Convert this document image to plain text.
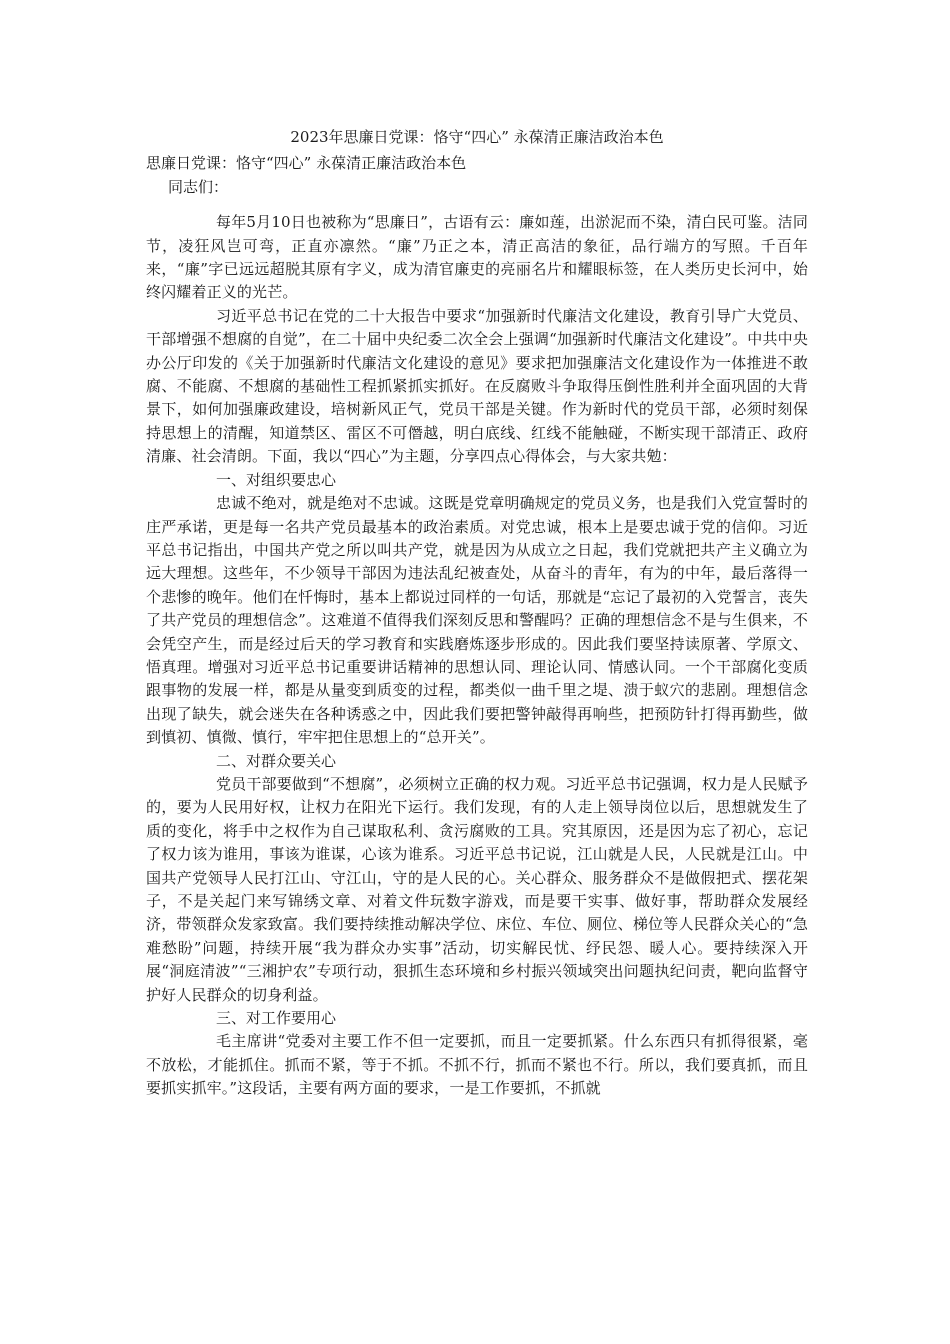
2023年思廉日党课：恪守“四心” 永葆清正廉洁政治本色
思廉日党课：恪守“四心” 永葆清正廉洁政治本色
同志们：

每年5月10日也被称为“思廉日”，古语有云：廉如莲，出淤泥而不染，清白民可鉴。洁同节，凌狂风岂可弯，正直亦凛然。“廉”乃正之本，清正高洁的象征，品行端方的写照。千百年来，“廉”字已远远超脱其原有字义，成为清官廉吏的亮丽名片和耀眼标签，在人类历史长河中，始终闪耀着正义的光芒。

习近平总书记在党的二十大报告中要求“加强新时代廉洁文化建设，教育引导广大党员、干部增强不想腐的自觉”，在二十届中央纪委二次全会上强调“加强新时代廉洁文化建设”。中共中央办公厅印发的《关于加强新时代廉洁文化建设的意见》要求把加强廉洁文化建设作为一体推进不敢腐、不能腐、不想腐的基础性工程抓紧抓实抓好。在反腐败斗争取得压倒性胜利并全面巩固的大背景下，如何加强廉政建设，培树新风正气，党员干部是关键。作为新时代的党员干部，必须时刻保持思想上的清醒，知道禁区、雷区不可僭越，明白底线、红线不能触碰，不断实现干部清正、政府清廉、社会清朗。下面，我以“四心”为主题，分享四点心得体会，与大家共勉：

一、对组织要忠心

忠诚不绝对，就是绝对不忠诚。这既是党章明确规定的党员义务，也是我们入党宣誓时的庄严承诺，更是每一名共产党员最基本的政治素质。对党忠诚，根本上是要忠诚于党的信仰。习近平总书记指出，中国共产党之所以叫共产党，就是因为从成立之日起，我们党就把共产主义确立为远大理想。这些年，不少领导干部因为违法乱纪被查处，从奋斗的青年，有为的中年，最后落得一个悲惨的晚年。他们在忏悔时，基本上都说过同样的一句话，那就是“忘记了最初的入党誓言，丧失了共产党员的理想信念”。这难道不值得我们深刻反思和警醒吗？正确的理想信念不是与生俱来，不会凭空产生，而是经过后天的学习教育和实践磨炼逐步形成的。因此我们要坚持读原著、学原文、悟真理。增强对习近平总书记重要讲话精神的思想认同、理论认同、情感认同。一个干部腐化变质跟事物的发展一样，都是从量变到质变的过程，都类似一曲千里之堤、溃于蚁穴的悲剧。理想信念出现了缺失，就会迷失在各种诱惑之中，因此我们要把警钟敲得再响些，把预防针打得再勤些，做到慎初、慎微、慎行，牢牢把住思想上的“总开关”。

二、对群众要关心

党员干部要做到“不想腐”，必须树立正确的权力观。习近平总书记强调，权力是人民赋予的，要为人民用好权，让权力在阳光下运行。我们发现，有的人走上领导岗位以后，思想就发生了质的变化，将手中之权作为自己谋取私利、贪污腐败的工具。究其原因，还是因为忘了初心，忘记了权力该为谁用，事该为谁谋，心该为谁系。习近平总书记说，江山就是人民，人民就是江山。中国共产党领导人民打江山、守江山，守的是人民的心。关心群众、服务群众不是做假把式、摆花架子，不是关起门来写锦绣文章、对着文件玩数字游戏，而是要干实事、做好事，帮助群众发展经济，带领群众发家致富。我们要持续推动解决学位、床位、车位、厕位、梯位等人民群众关心的“急难愁盼”问题，持续开展“我为群众办实事”活动，切实解民忧、纾民怨、暖人心。要持续深入开展“洞庭清波”“三湘护农”专项行动，狠抓生态环境和乡村振兴领域突出问题执纪问责，靶向监督守护好人民群众的切身利益。

三、对工作要用心

毛主席讲“党委对主要工作不但一定要抓，而且一定要抓紧。什么东西只有抓得很紧，毫不放松，才能抓住。抓而不紧，等于不抓。不抓不行，抓而不紧也不行。所以，我们要真抓，而且要抓实抓牢。”这段话，主要有两方面的要求，一是工作要抓，不抓就
